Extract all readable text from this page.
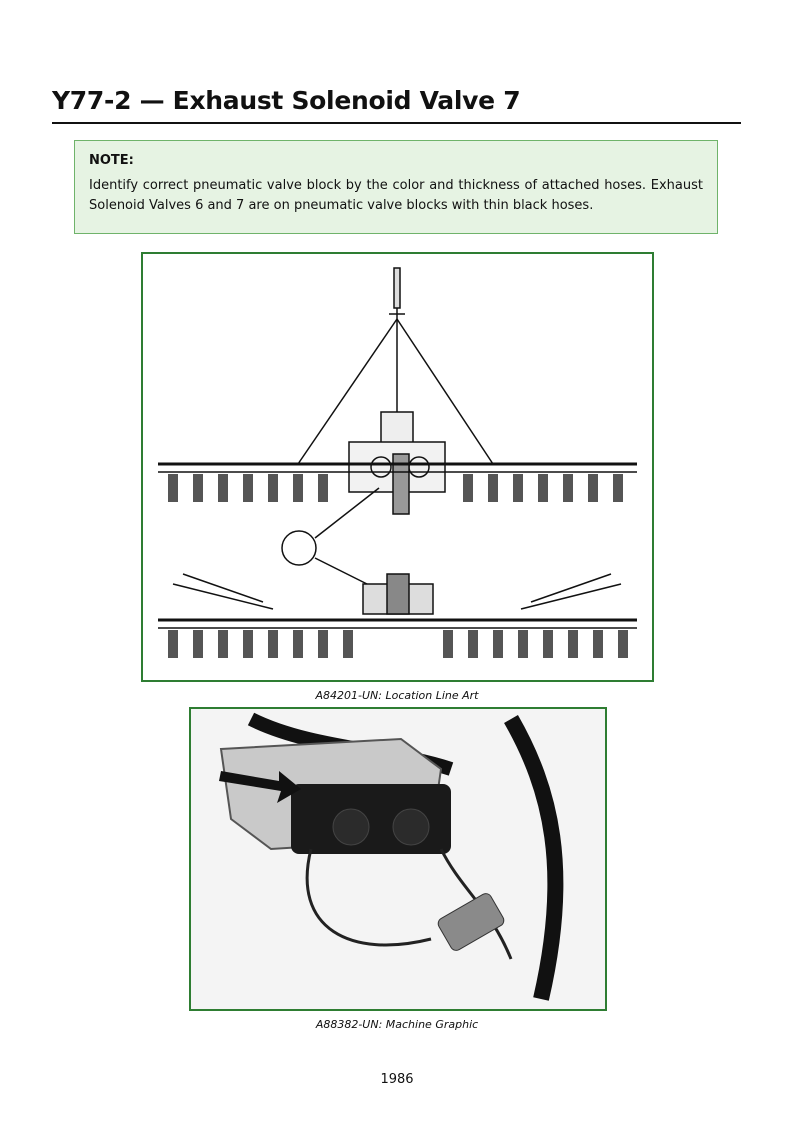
Y77-2 — Exhaust Solenoid Valve 7
NOTE:
Identify correct pneumatic valve block by the color and thickness of attached hoses. Exhaust Solenoid Valves 6 and 7 are on pneumatic valve blocks with thin black hoses.
A84201-UN: Location Line Art
A88382-UN: Machine Graphic
1986
